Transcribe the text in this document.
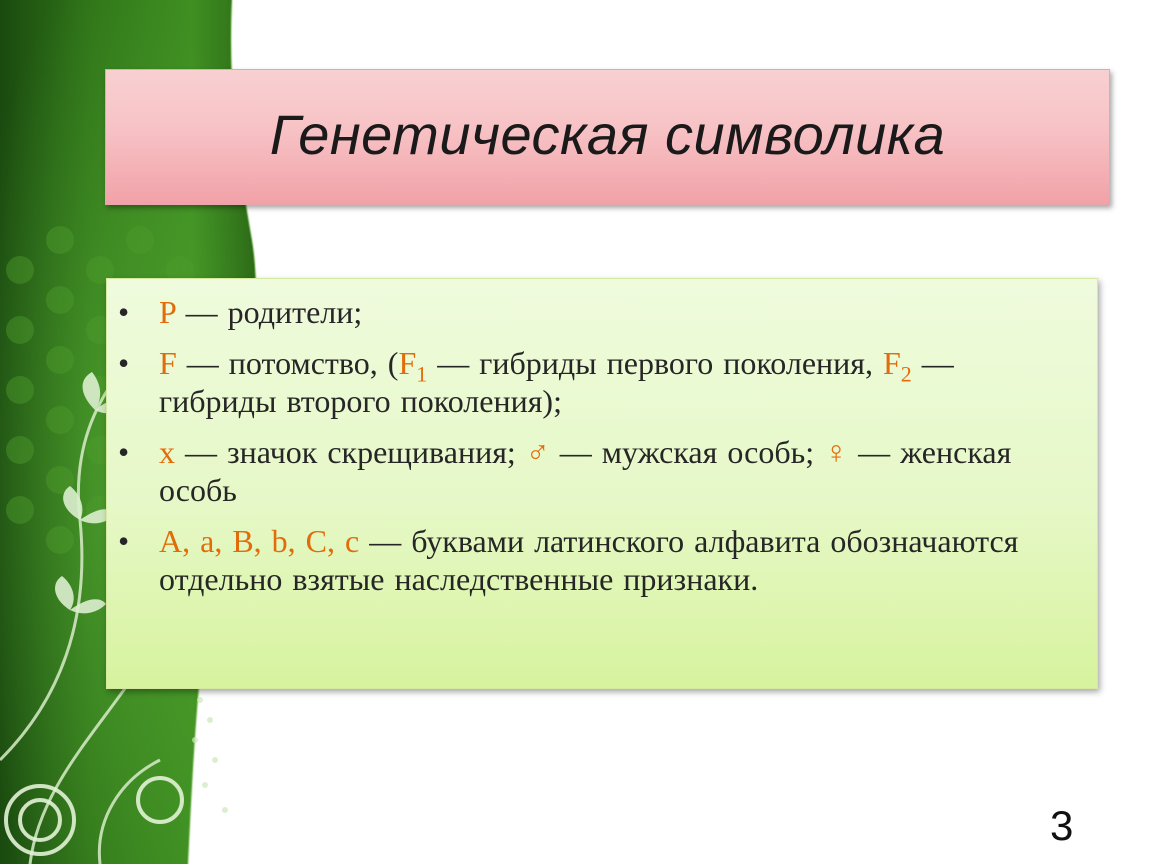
Генетическая символика
• P — родители;
• F — потомство, ($F_1$ — гибриды первого поколения, $F_2$ — гибриды второго поколения);
• x — значок скрещивания; ♂ — мужская особь; ♀ — женская особь
• A, a, B, b, C, c — буквами латинского алфавита обозначаются отдельно взятые наследственные признаки.
3
